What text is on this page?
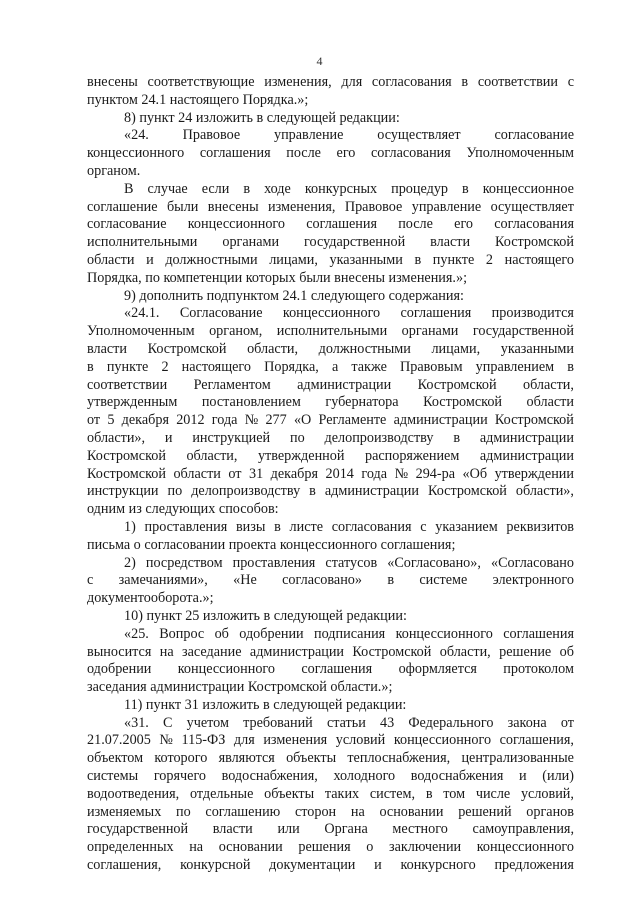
4
внесены соответствующие изменения, для согласования в соответствии с
пунктом 24.1 настоящего Порядка.»;
8) пункт 24 изложить в следующей редакции:
«24. Правовое управление осуществляет согласование
концессионного соглашения после его согласования Уполномоченным
органом.
В случае если в ходе конкурсных процедур в концессионное
соглашение были внесены изменения, Правовое управление осуществляет
согласование концессионного соглашения после его согласования
исполнительными органами государственной власти Костромской
области и должностными лицами, указанными в пункте 2 настоящего
Порядка, по компетенции которых были внесены изменения.»;
9) дополнить подпунктом 24.1 следующего содержания:
«24.1. Согласование концессионного соглашения производится
Уполномоченным органом, исполнительными органами государственной
власти Костромской области, должностными лицами, указанными
в пункте 2 настоящего Порядка, а также Правовым управлением в
соответствии Регламентом администрации Костромской области,
утвержденным постановлением губернатора Костромской области
от 5 декабря 2012 года № 277 «О Регламенте администрации Костромской
области», и инструкцией по делопроизводству в администрации
Костромской области, утвержденной распоряжением администрации
Костромской области от 31 декабря 2014 года № 294-ра «Об утверждении
инструкции по делопроизводству в администрации Костромской области»,
одним из следующих способов:
1) проставления визы в листе согласования с указанием реквизитов
письма о согласовании проекта концессионного соглашения;
2) посредством проставления статусов «Согласовано», «Согласовано
с замечаниями», «Не согласовано» в системе электронного
документооборота.»;
10) пункт 25 изложить в следующей редакции:
«25. Вопрос об одобрении подписания концессионного соглашения
выносится на заседание администрации Костромской области, решение об
одобрении концессионного соглашения оформляется протоколом
заседания администрации Костромской области.»;
11) пункт 31 изложить в следующей редакции:
«31. С учетом требований статьи 43 Федерального закона от
21.07.2005 № 115-ФЗ для изменения условий концессионного соглашения,
объектом которого являются объекты теплоснабжения, централизованные
системы горячего водоснабжения, холодного водоснабжения и (или)
водоотведения, отдельные объекты таких систем, в том числе условий,
изменяемых по соглашению сторон на основании решений органов
государственной власти или Органа местного самоуправления,
определенных на основании решения о заключении концессионного
соглашения, конкурсной документации и конкурсного предложения
